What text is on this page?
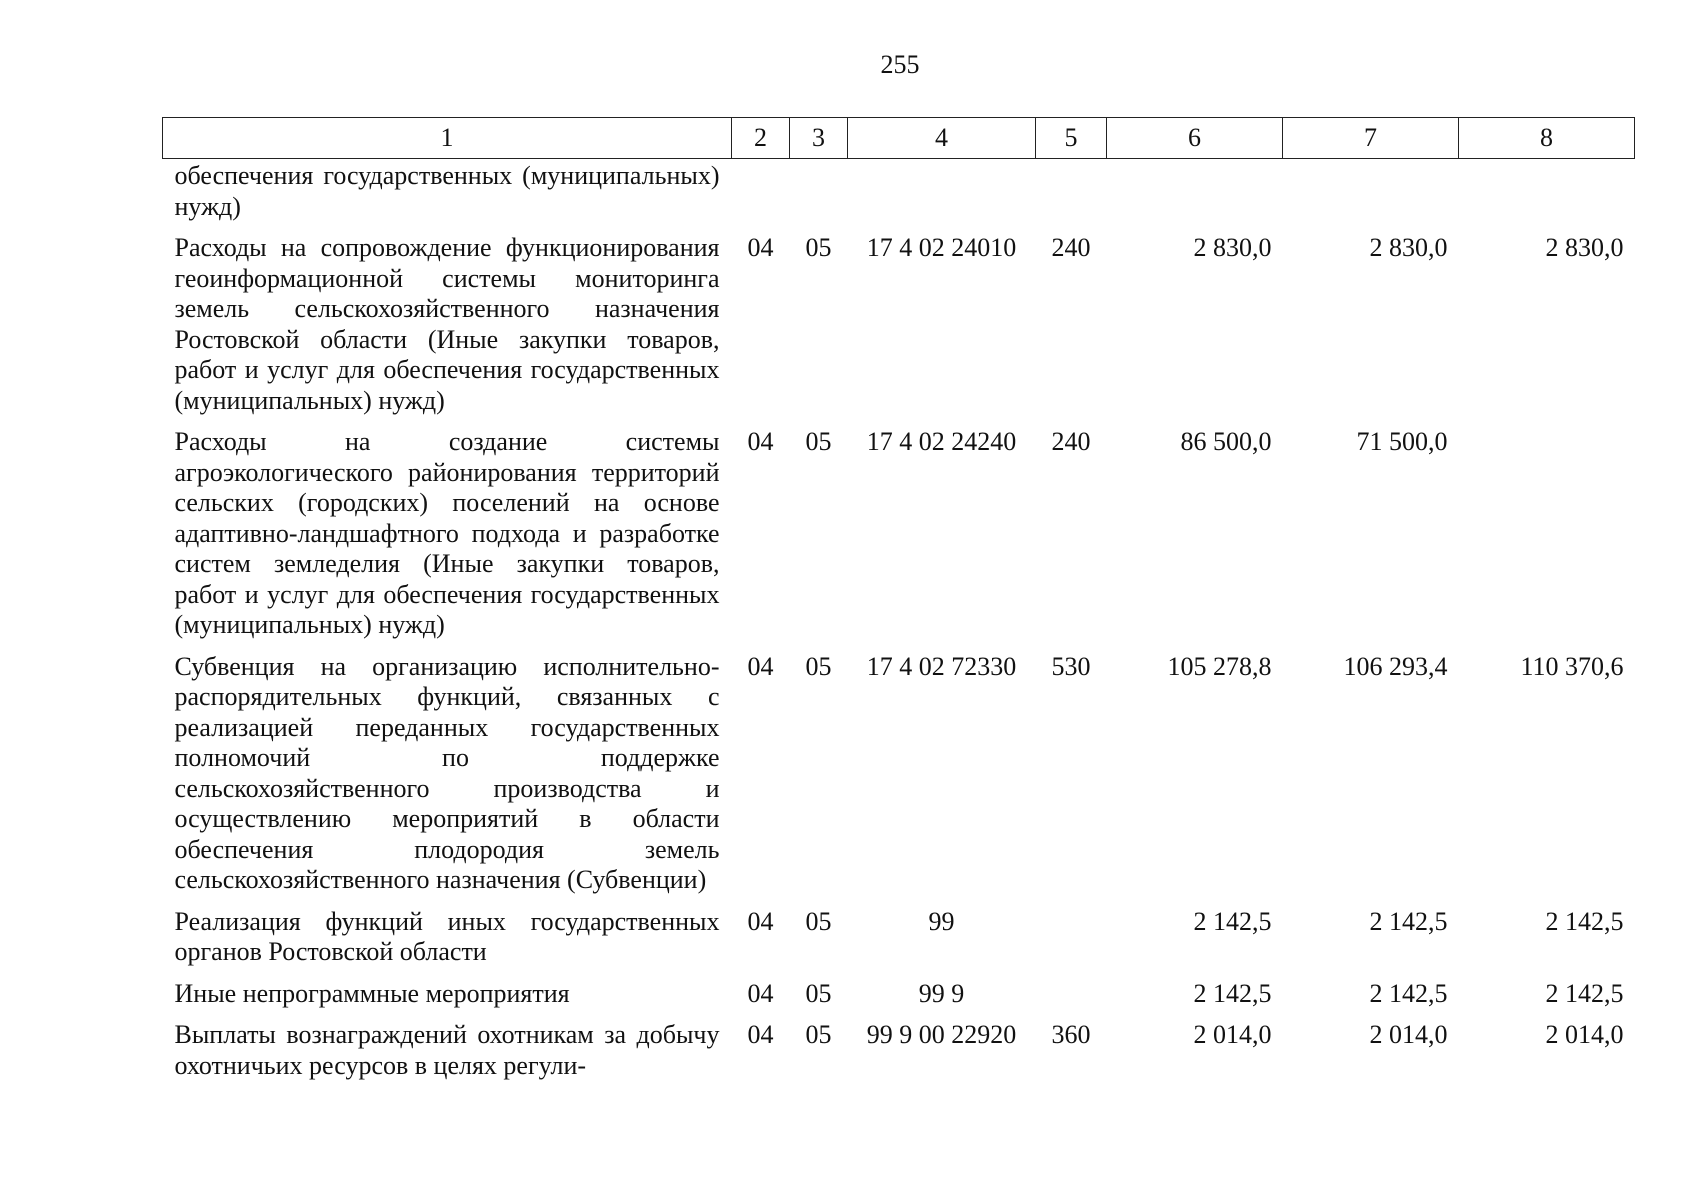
255
1	2	3	4	5	6	7	8
обеспечения государственных (муниципальных) нужд)							
Расходы на сопровождение функционирования геоинформационной системы мониторинга земель сельскохозяйственного назначения Ростовской области (Иные закупки товаров, работ и услуг для обеспечения государственных (муниципальных) нужд)	04	05	17 4 02 24010	240	2 830,0	2 830,0	2 830,0
Расходы на создание системы агроэкологического районирования территорий сельских (городских) поселений на основе адаптивно-ландшафтного подхода и разработке систем земледелия (Иные закупки товаров, работ и услуг для обеспечения государственных (муниципальных) нужд)	04	05	17 4 02 24240	240	86 500,0	71 500,0	
Субвенция на организацию исполнительно-распорядительных функций, связанных с реализацией переданных государственных полномочий по поддержке сельскохозяйственного производства и осуществлению мероприятий в области обеспечения плодородия земель сельскохозяйственного назначения (Субвенции)	04	05	17 4 02 72330	530	105 278,8	106 293,4	110 370,6
Реализация функций иных государственных органов Ростовской области	04	05	99		2 142,5	2 142,5	2 142,5
Иные непрограммные мероприятия	04	05	99 9		2 142,5	2 142,5	2 142,5
Выплаты вознаграждений охотникам за добычу охотничьих ресурсов в целях регули-	04	05	99 9 00 22920	360	2 014,0	2 014,0	2 014,0
